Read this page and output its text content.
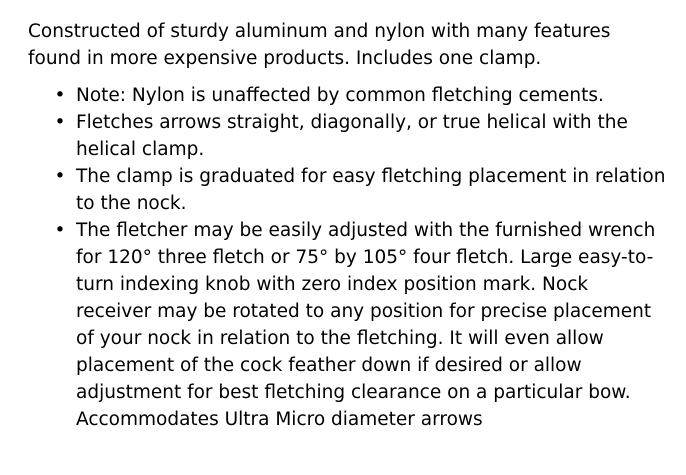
Constructed of sturdy aluminum and nylon with many features found in more expensive products. Includes one clamp.

• Note: Nylon is unaffected by common fletching cements.
• Fletches arrows straight, diagonally, or true helical with the helical clamp.
• The clamp is graduated for easy fletching placement in relation to the nock.
• The fletcher may be easily adjusted with the furnished wrench for 120° three fletch or 75° by 105° four fletch. Large easy-to-turn indexing knob with zero index position mark. Nock receiver may be rotated to any position for precise placement of your nock in relation to the fletching. It will even allow placement of the cock feather down if desired or allow adjustment for best fletching clearance on a particular bow. Accommodates Ultra Micro diameter arrows
